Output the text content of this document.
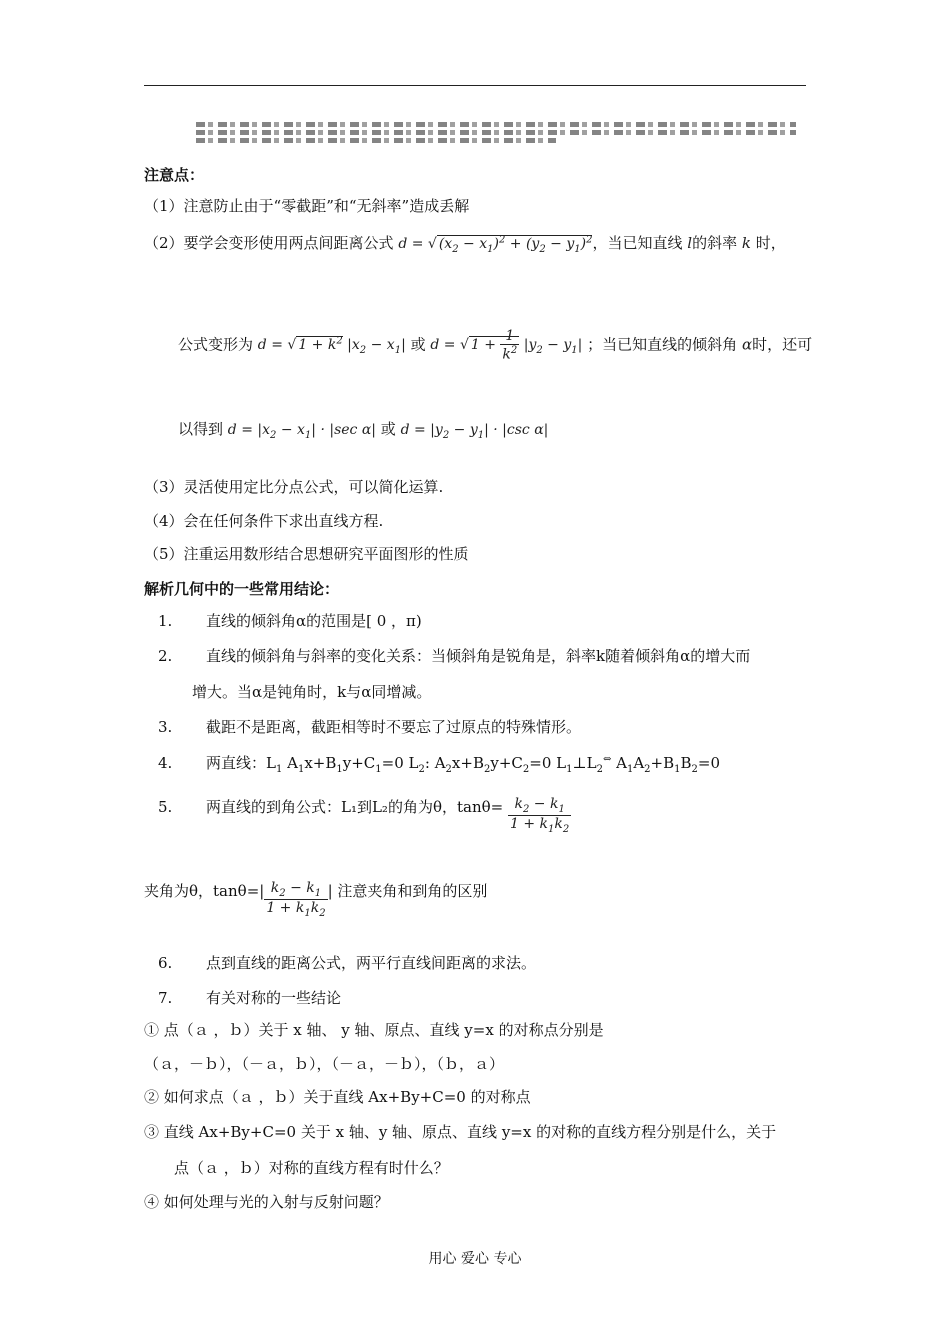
注意点：
（1）注意防止由于“零截距”和“无斜率”造成丢解
（2）要学会变形使用两点间距离公式 d = √ $(x_2 - x_1)^2 + (y_2 - y_1)^2$，当已知直线 l的斜率 k 时，
公式变形为 d = √ $1 + k^2$ $|x_2 - x_1|$ 或 d = √ $1 + \frac{1}{k^2} |y_2 - y_1|$ ；当已知直线的倾斜角 α时，还可
以得到 $d = |x_2 - x_1| \cdot |\sec$ α| 或 $d = |y_2 - y_1| \cdot |\csc$ α|
（3）灵活使用定比分点公式，可以简化运算.
（4）会在任何条件下求出直线方程.
（5）注重运用数形结合思想研究平面图形的性质
解析几何中的一些常用结论：
1. 直线的倾斜角α的范围是[ 0 ，π)
2. 直线的倾斜角与斜率的变化关系：当倾斜角是锐角是，斜率k随着倾斜角α的增大而
增大。当α是钝角时，k与α同增减。
3. 截距不是距离，截距相等时不要忘了过原点的特殊情形。
4. 两直线：$L_1$ $A_1x+B_1y+C_1=0$ $L_2$: $A_2x+B_2y+C_2=0$ $L_1\perp L_2^\Leftrightarrow$ $A_1A_2+B_1B_2=0$
5. 两直线的到角公式：L₁到L₂的角为θ，$\tan\theta= \frac{k_2 - k_1}{1 + k_1k_2}$
夹角为θ，$\tan\theta=| \frac{k_2 - k_1}{1 + k_1k_2}$ | 注意夹角和到角的区别
6. 点到直线的距离公式，两平行直线间距离的求法。
7. 有关对称的一些结论
① 点（ａ ，ｂ）关于 x 轴、 y 轴、原点、直线 y=x 的对称点分别是
（ａ，－ｂ），（－ａ，ｂ），（－ａ，－ｂ），（ｂ，ａ）
② 如何求点（ａ ，ｂ）关于直线 Ax+By+C=0 的对称点
③ 直线 Ax+By+C=0 关于 x 轴、y 轴、原点、直线 y=x 的对称的直线方程分别是什么，关于
点（ａ ，ｂ）对称的直线方程有时什么？
④ 如何处理与光的入射与反射问题？
用心 爱心 专心
